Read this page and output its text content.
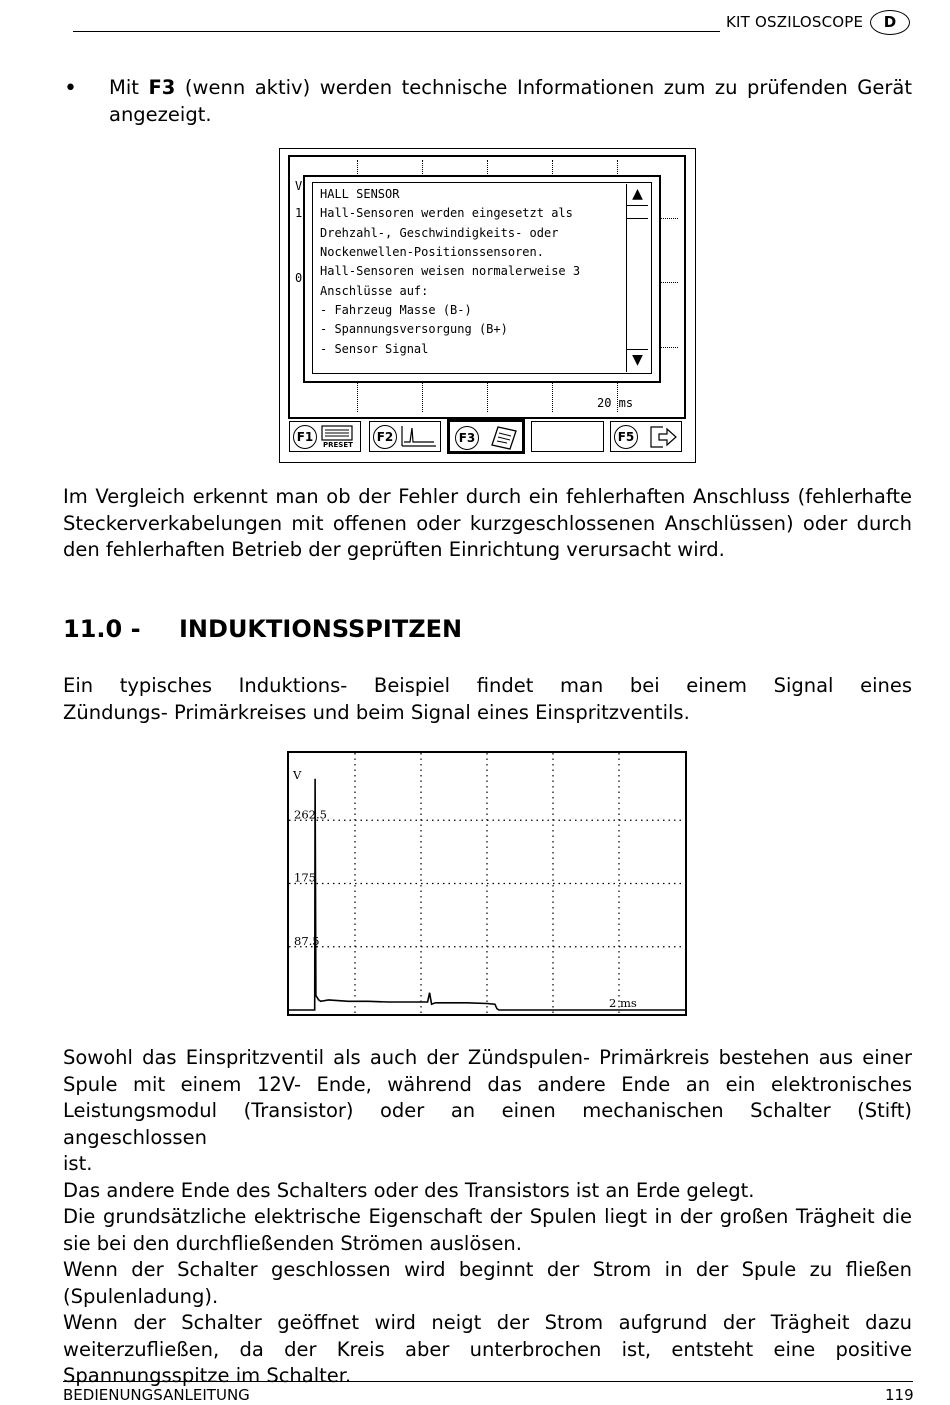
KIT OSZILOSCOPE	D
• Mit F3 (wenn aktiv) werden technische Informationen zum zu prüfenden Gerät
angezeigt.
V
1
0
20 ms
HALL SENSOR
Hall-Sensoren werden eingesetzt als
Drehzahl-, Geschwindigkeits- oder
Nockenwellen-Positionssensoren.
Hall-Sensoren weisen normalerweise 3
Anschlüsse auf:
- Fahrzeug Masse (B-)
- Spannungsversorgung (B+)
- Sensor Signal
▲
▼
F1
PRESET
F2	F3	F5
Im Vergleich erkennt man ob der Fehler durch ein fehlerhaften Anschluss (fehlerhafte
Steckerverkabelungen mit offenen oder kurzgeschlossenen Anschlüssen) oder durch
den fehlerhaften Betrieb der geprüften Einrichtung verursacht wird.
11.0 - INDUKTIONSSPITZEN
Ein typisches Induktions- Beispiel findet man bei einem Signal eines
Zündungs- Primärkreises und beim Signal eines Einspritzventils.
262.5
175
87.5
V
2 ms
Sowohl das Einspritzventil als auch der Zündspulen- Primärkreis bestehen aus einer
Spule mit einem 12V- Ende, während das andere Ende an ein elektronisches
Leistungsmodul (Transistor) oder an einen mechanischen Schalter (Stift) angeschlossen
ist.
Das andere Ende des Schalters oder des Transistors ist an Erde gelegt.
Die grundsätzliche elektrische Eigenschaft der Spulen liegt in der großen Trägheit die
sie bei den durchfließenden Strömen auslösen.
Wenn der Schalter geschlossen wird beginnt der Strom in der Spule zu fließen
(Spulenladung).
Wenn der Schalter geöffnet wird neigt der Strom aufgrund der Trägheit dazu
weiterzufließen, da der Kreis aber unterbrochen ist, entsteht eine positive
Spannungsspitze im Schalter.
BEDIENUNGSANLEITUNG	119
